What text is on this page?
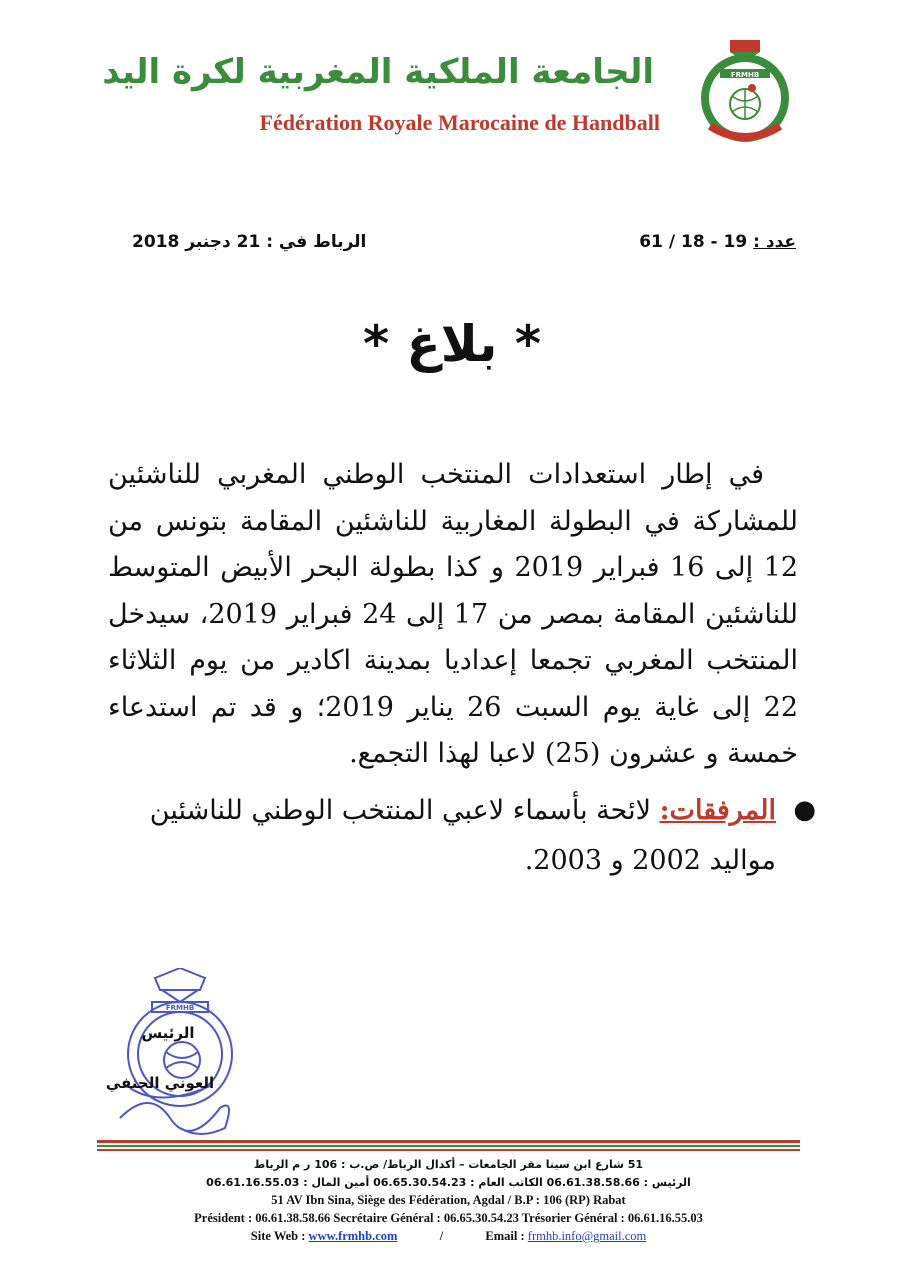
الجامعة الملكية المغربية لكرة اليد
Fédération Royale Marocaine de Handball
FRMHB
عدد : 61 / 18 - 19
الرباط في : 21 دجنبر 2018
* بلاغ *
في إطار استعدادات المنتخب الوطني المغربي للناشئين للمشاركة في البطولة المغاربية للناشئين المقامة بتونس من 12 إلى 16 فبراير 2019 و كذا بطولة البحر الأبيض المتوسط للناشئين المقامة بمصر من 17 إلى 24 فبراير 2019، سيدخل المنتخب المغربي تجمعا إعداديا بمدينة اكادير من يوم الثلاثاء 22 إلى غاية يوم السبت 26 يناير 2019؛ و قد تم استدعاء خمسة و عشرون (25) لاعبا لهذا التجمع.
●
المرفقات: لائحة بأسماء لاعبي المنتخب الوطني للناشئين مواليد 2002 و 2003.
FRMHB
الرئيس
العوني الحنفي
51 شارع ابن سينا مقر الجامعات – أكدال الرباط/ ص.ب : 106 ر م الرباط
الرئيس : 06.61.38.58.66 الكاتب العام : 06.65.30.54.23 أمين المال : 06.61.16.55.03
51 AV Ibn Sina, Siège des Fédération, Agdal / B.P : 106 (RP) Rabat
Président : 06.61.38.58.66 Secrétaire Général : 06.65.30.54.23 Trésorier Général : 06.61.16.55.03
Site Web : www.frmhb.com	/	Email : frmhb.info@gmail.com
